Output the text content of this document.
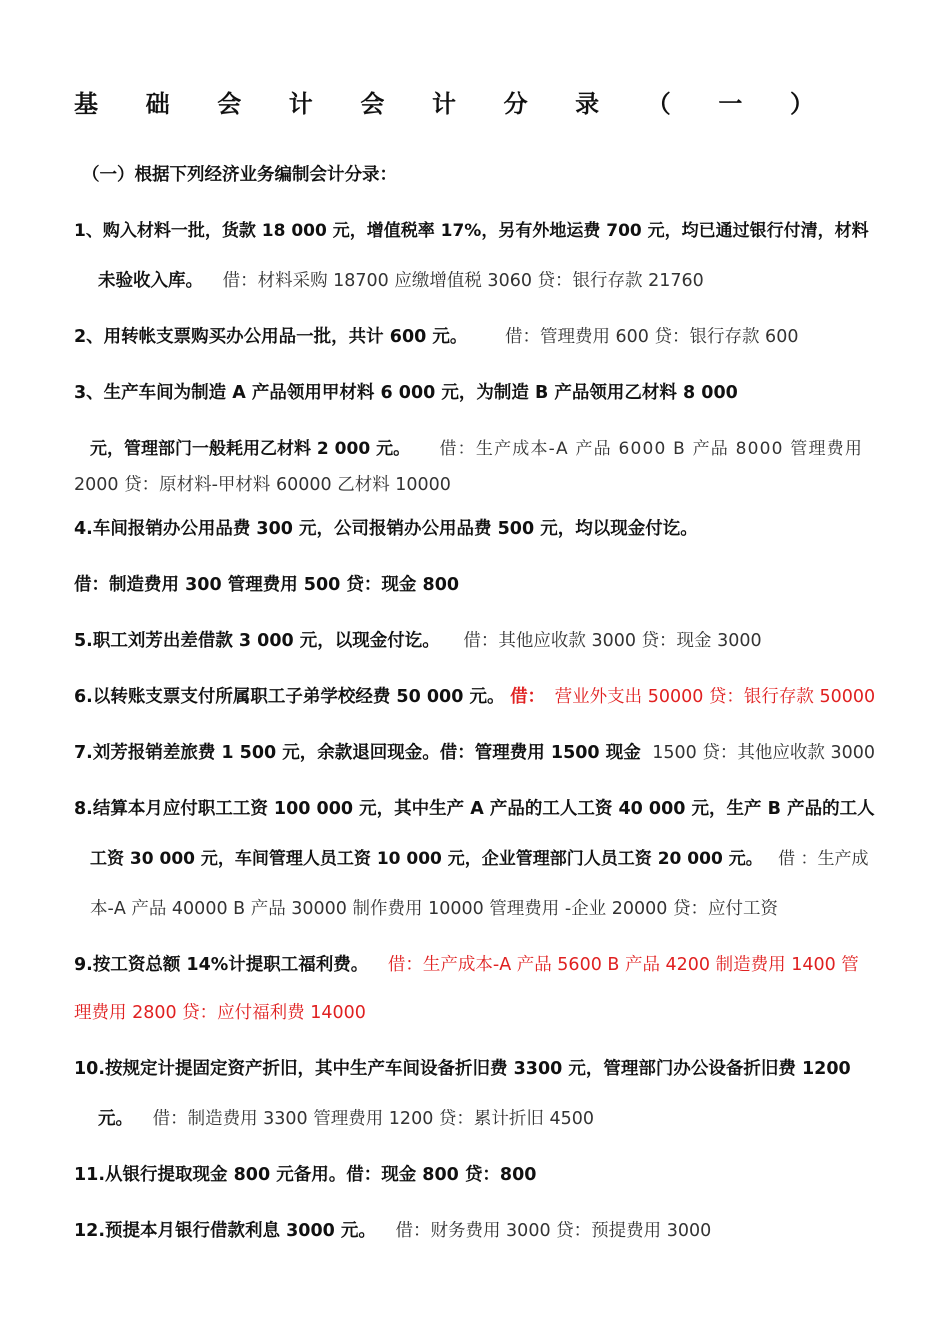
基 础 会 计 会 计 分 录 （ 一 ）
（一）根据下列经济业务编制会计分录：
1、购入材料一批，货款 18 000 元，增值税率 17%，另有外地运费 700 元，均已通过银行付清，材料
未验收入库。 借：材料采购 18700 应缴增值税 3060 贷：银行存款 21760
2、用转帐支票购买办公用品一批，共计 600 元。 借：管理费用 600 贷：银行存款 600
3、生产车间为制造 A 产品领用甲材料 6 000 元，为制造 B 产品领用乙材料 8 000
元，管理部门一般耗用乙材料 2 000 元。 借：生产成本-A 产品 6000 B 产品 8000 管理费用
2000 贷：原材料-甲材料 60000 乙材料 10000
4.车间报销办公用品费 300 元，公司报销办公用品费 500 元，均以现金付讫。
借：制造费用 300 管理费用 500 贷：现金 800
5.职工刘芳出差借款 3 000 元，以现金付讫。 借：其他应收款 3000 贷：现金 3000
6.以转账支票支付所属职工子弟学校经费 50 000 元。 借： 营业外支出 50000 贷：银行存款 50000
7.刘芳报销差旅费 1 500 元，余款退回现金。借：管理费用 1500 现金 1500 贷：其他应收款 3000
8.结算本月应付职工工资 100 000 元，其中生产 A 产品的工人工资 40 000 元，生产 B 产品的工人
工资 30 000 元，车间管理人员工资 10 000 元，企业管理部门人员工资 20 000 元。 借 ：生产成
本-A 产品 40000 B 产品 30000 制作费用 10000 管理费用 -企业 20000 贷：应付工资
9.按工资总额 14%计提职工福利费。 借：生产成本-A 产品 5600 B 产品 4200 制造费用 1400 管
理费用 2800 贷：应付福利费 14000
10.按规定计提固定资产折旧，其中生产车间设备折旧费 3300 元，管理部门办公设备折旧费 1200
元。 借：制造费用 3300 管理费用 1200 贷：累计折旧 4500
11.从银行提取现金 800 元备用。借：现金 800 贷：800
12.预提本月银行借款利息 3000 元。 借：财务费用 3000 贷：预提费用 3000
